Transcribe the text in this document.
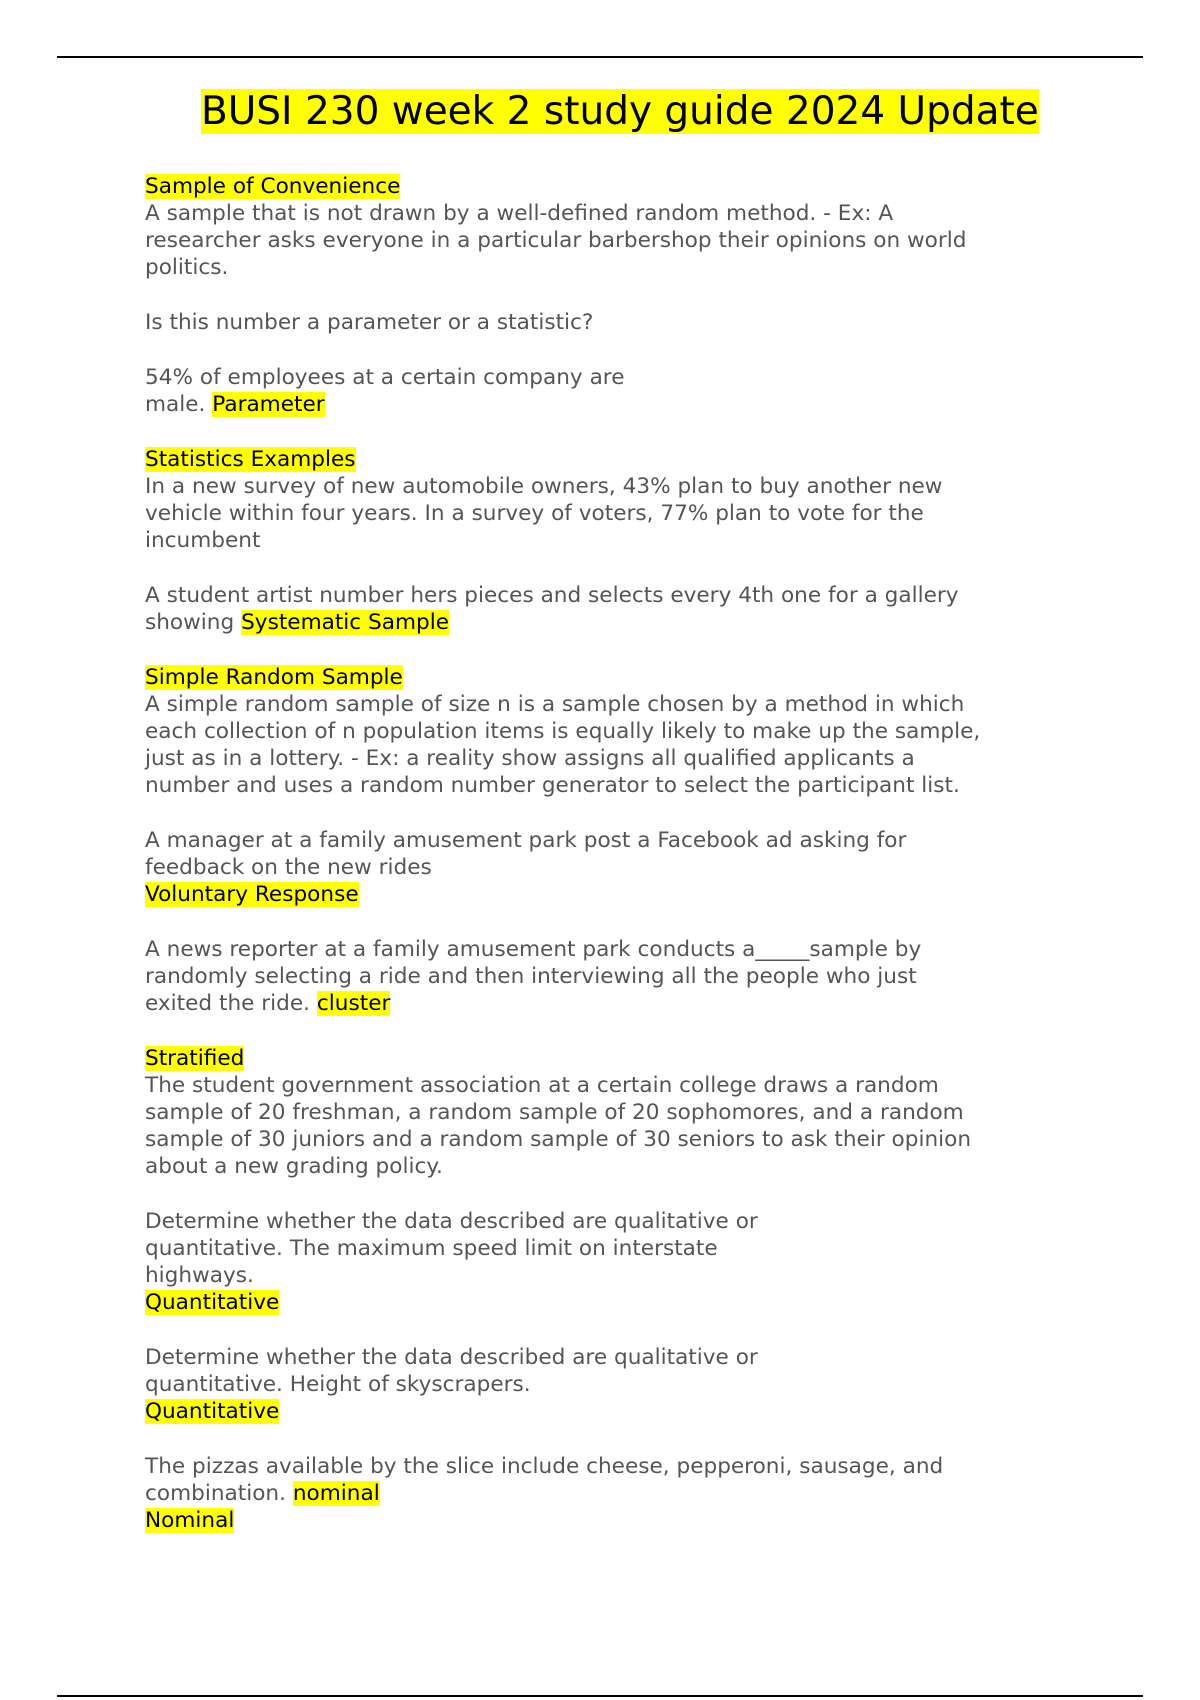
BUSI 230 week 2 study guide 2024 Update
Sample of Convenience
A sample that is not drawn by a well-defined random method. - Ex: A
researcher asks everyone in a particular barbershop their opinions on world
politics.
Is this number a parameter or a statistic?
54% of employees at a certain company are
male. Parameter
Statistics Examples
In a new survey of new automobile owners, 43% plan to buy another new
vehicle within four years. In a survey of voters, 77% plan to vote for the
incumbent
A student artist number hers pieces and selects every 4th one for a gallery
showing Systematic Sample
Simple Random Sample
A simple random sample of size n is a sample chosen by a method in which
each collection of n population items is equally likely to make up the sample,
just as in a lottery. - Ex: a reality show assigns all qualified applicants a
number and uses a random number generator to select the participant list.
A manager at a family amusement park post a Facebook ad asking for
feedback on the new rides
Voluntary Response
A news reporter at a family amusement park conducts a_____sample by
randomly selecting a ride and then interviewing all the people who just
exited the ride. cluster
Stratified
The student government association at a certain college draws a random
sample of 20 freshman, a random sample of 20 sophomores, and a random
sample of 30 juniors and a random sample of 30 seniors to ask their opinion
about a new grading policy.
Determine whether the data described are qualitative or
quantitative. The maximum speed limit on interstate
highways.
Quantitative
Determine whether the data described are qualitative or
quantitative. Height of skyscrapers.
Quantitative
The pizzas available by the slice include cheese, pepperoni, sausage, and
combination. nominal
Nominal
